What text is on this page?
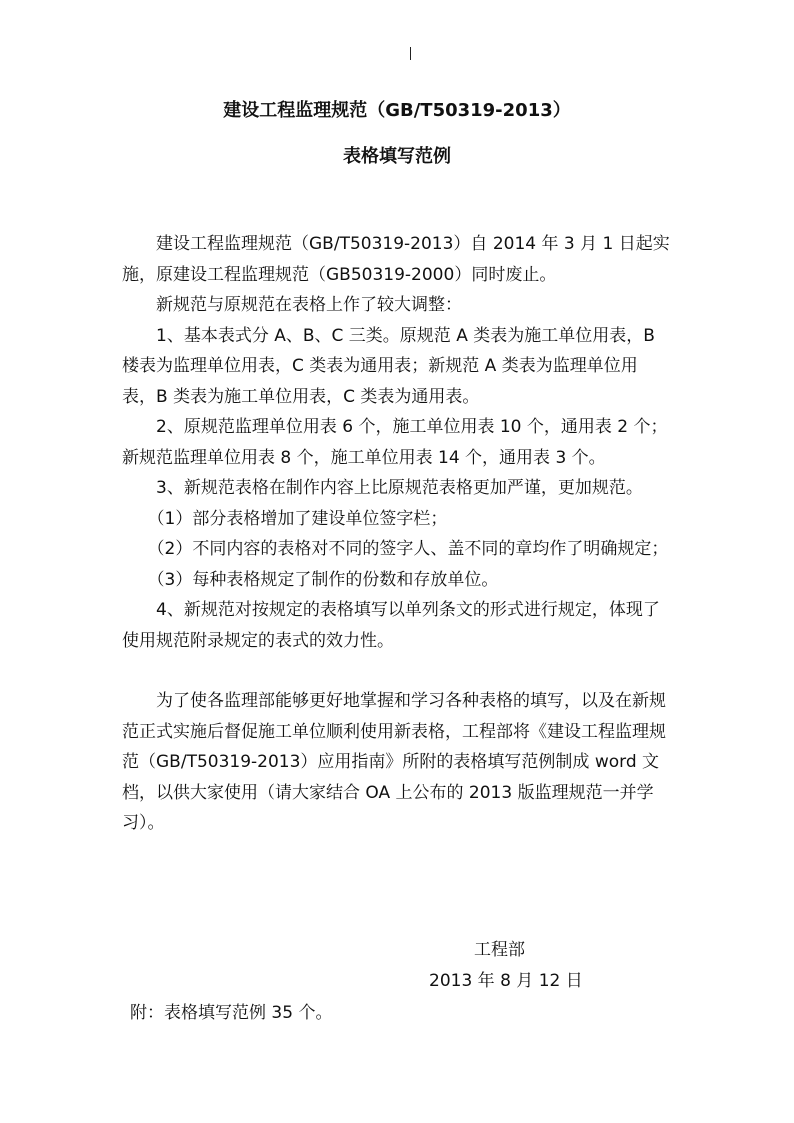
建设工程监理规范（GB/T50319-2013）
表格填写范例

建设工程监理规范（GB/T50319-2013）自 2014 年 3 月 1 日起实施，原建设工程监理规范（GB50319-2000）同时废止。

新规范与原规范在表格上作了较大调整：

1、基本表式分 A、B、C 三类。原规范 A 类表为施工单位用表，B 楼表为监理单位用表，C 类表为通用表；新规范 A 类表为监理单位用表，B 类表为施工单位用表，C 类表为通用表。

2、原规范监理单位用表 6 个，施工单位用表 10 个，通用表 2 个；新规范监理单位用表 8 个，施工单位用表 14 个，通用表 3 个。

3、新规范表格在制作内容上比原规范表格更加严谨，更加规范。

（1）部分表格增加了建设单位签字栏；

（2）不同内容的表格对不同的签字人、盖不同的章均作了明确规定；

（3）每种表格规定了制作的份数和存放单位。

4、新规范对按规定的表格填写以单列条文的形式进行规定，体现了使用规范附录规定的表式的效力性。

为了使各监理部能够更好地掌握和学习各种表格的填写，以及在新规范正式实施后督促施工单位顺利使用新表格，工程部将《建设工程监理规范（GB/T50319-2013）应用指南》所附的表格填写范例制成 word 文档，以供大家使用（请大家结合 OA 上公布的 2013 版监理规范一并学习）。

工程部
2013 年 8 月 12 日
附：表格填写范例 35 个。
